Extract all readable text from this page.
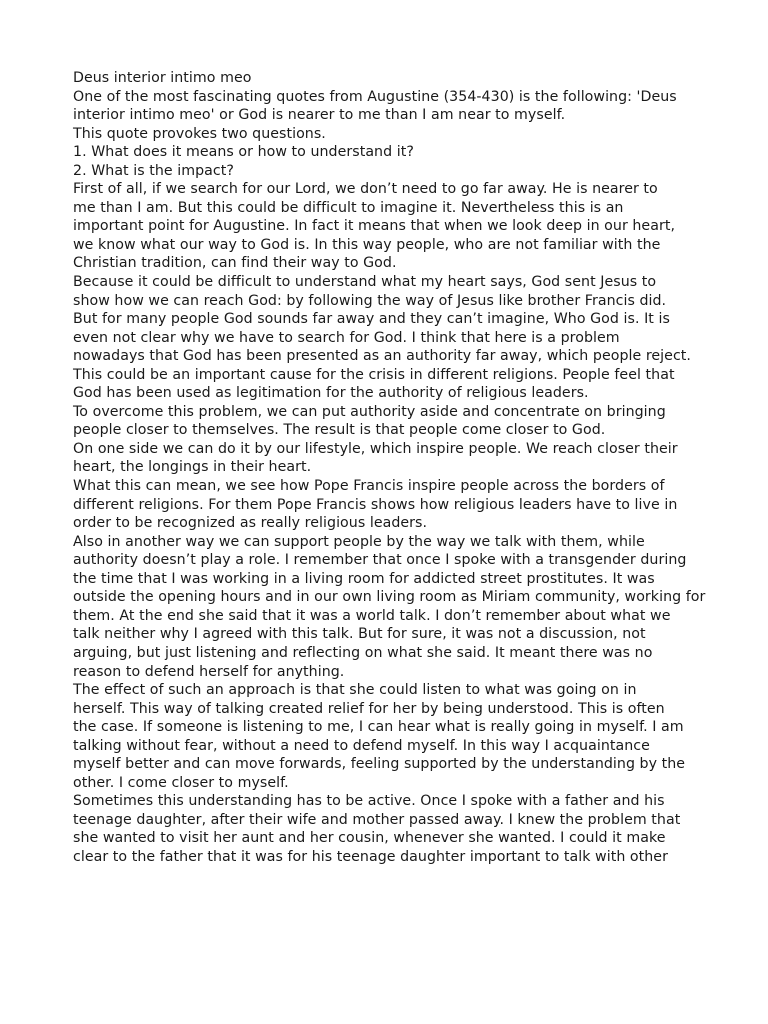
Deus interior intimo meo

One of the most fascinating quotes from Augustine (354-430) is the following: 'Deus

interior intimo meo' or God is nearer to me than I am near to myself.

This quote provokes two questions.

1. What does it means or how to understand it?

2. What is the impact?

First of all, if we search for our Lord, we don’t need to go far away. He is nearer to

me than I am. But this could be difficult to imagine it. Nevertheless this is an

important point for Augustine. In fact it means that when we look deep in our heart,

we know what our way to God is. In this way people, who are not familiar with the

Christian tradition, can find their way to God.

Because it could be difficult to understand what my heart says, God sent Jesus to

show how we can reach God: by following the way of Jesus like brother Francis did.

But for many people God sounds far away and they can’t imagine, Who God is. It is

even not clear why we have to search for God. I think that here is a problem

nowadays that God has been presented as an authority far away, which people reject.

This could be an important cause for the crisis in different religions. People feel that

God has been used as legitimation for the authority of religious leaders.

To overcome this problem, we can put authority aside and concentrate on bringing

people closer to themselves. The result is that people come closer to God.

On one side we can do it by our lifestyle, which inspire people. We reach closer their

heart, the longings in their heart.

What this can mean, we see how Pope Francis inspire people across the borders of

different religions. For them Pope Francis shows how religious leaders have to live in

order to be recognized as really religious leaders.

Also in another way we can support people by the way we talk with them, while

authority doesn’t play a role. I remember that once I spoke with a transgender during

the time that I was working in a living room for addicted street prostitutes. It was

outside the opening hours and in our own living room as Miriam community, working for

them. At the end she said that it was a world talk. I don’t remember about what we

talk neither why I agreed with this talk. But for sure, it was not a discussion, not

arguing, but just listening and reflecting on what she said. It meant there was no

reason to defend herself for anything.

The effect of such an approach is that she could listen to what was going on in

herself. This way of talking created relief for her by being understood. This is often

the case. If someone is listening to me, I can hear what is really going in myself. I am

talking without fear, without a need to defend myself. In this way I acquaintance

myself better and can move forwards, feeling supported by the understanding by the

other. I come closer to myself.

Sometimes this understanding has to be active. Once I spoke with a father and his

teenage daughter, after their wife and mother passed away. I knew the problem that

she wanted to visit her aunt and her cousin, whenever she wanted. I could it make

clear to the father that it was for his teenage daughter important to talk with other
